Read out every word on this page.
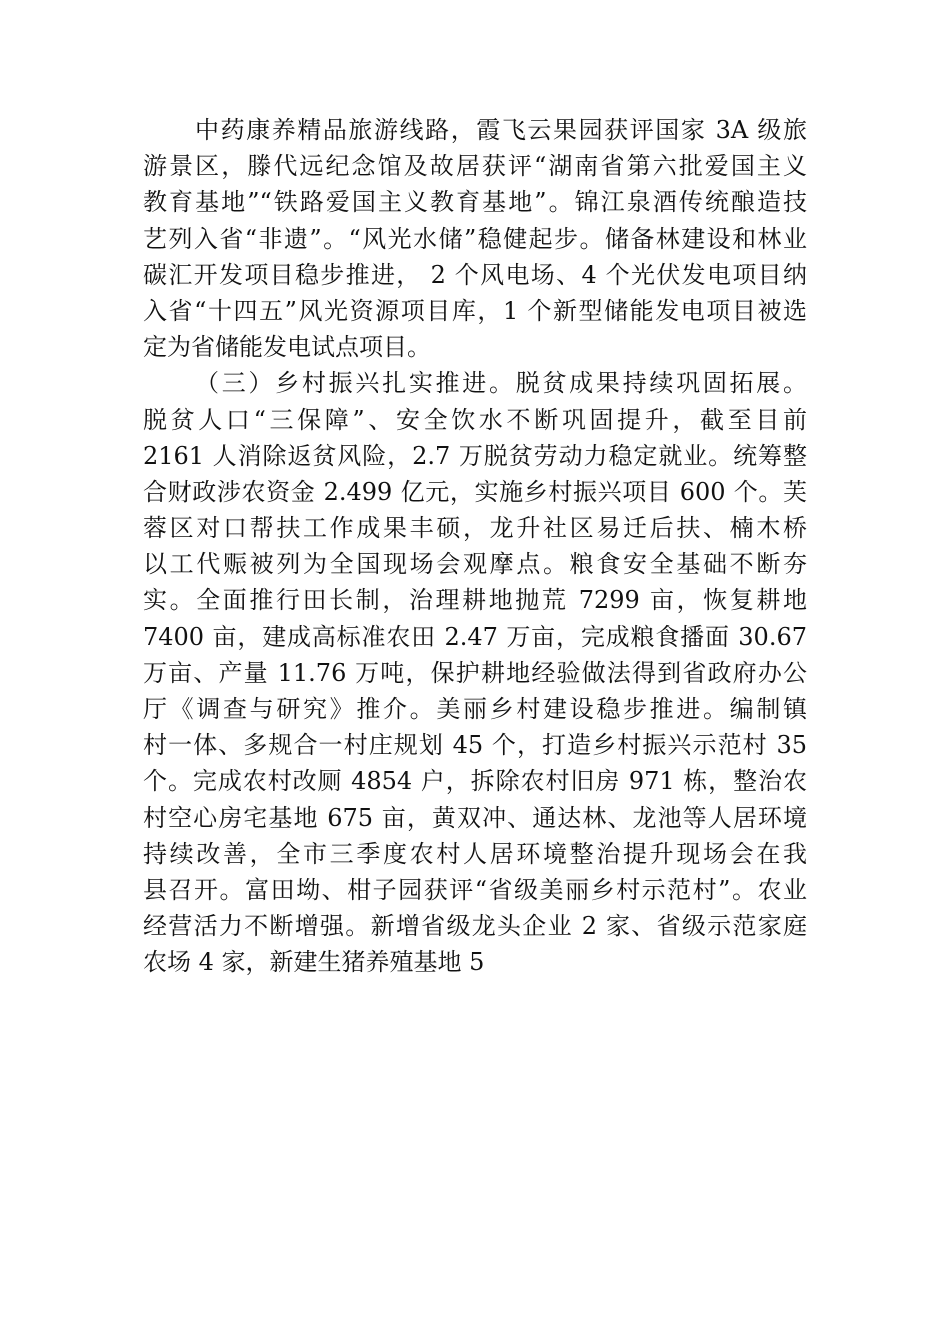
中药康养精品旅游线路，霞飞云果园获评国家 3A 级旅
游景区，滕代远纪念馆及故居获评“湖南省第六批爱国主义
教育基地”“铁路爱国主义教育基地”。锦江泉酒传统酿造技
艺列入省“非遗”。“风光水储”稳健起步。储备林建设和林业
碳汇开发项目稳步推进， 2 个风电场、4 个光伏发电项目纳
入省“十四五”风光资源项目库，1 个新型储能发电项目被选
定为省储能发电试点项目。
（三）乡村振兴扎实推进。脱贫成果持续巩固拓展。
脱贫人口“三保障”、安全饮水不断巩固提升，截至目前
2161 人消除返贫风险，2.7 万脱贫劳动力稳定就业。统筹整
合财政涉农资金 2.499 亿元，实施乡村振兴项目 600 个。芙
蓉区对口帮扶工作成果丰硕，龙升社区易迁后扶、楠木桥
以工代赈被列为全国现场会观摩点。粮食安全基础不断夯
实。全面推行田长制，治理耕地抛荒 7299 亩，恢复耕地
7400 亩，建成高标准农田 2.47 万亩，完成粮食播面 30.67
万亩、产量 11.76 万吨，保护耕地经验做法得到省政府办公
厅《调查与研究》推介。美丽乡村建设稳步推进。编制镇
村一体、多规合一村庄规划 45 个，打造乡村振兴示范村 35
个。完成农村改厕 4854 户，拆除农村旧房 971 栋，整治农
村空心房宅基地 675 亩，黄双冲、通达林、龙池等人居环境
持续改善，全市三季度农村人居环境整治提升现场会在我
县召开。富田坳、柑子园获评“省级美丽乡村示范村”。农业
经营活力不断增强。新增省级龙头企业 2 家、省级示范家庭
农场 4 家，新建生猪养殖基地 5
